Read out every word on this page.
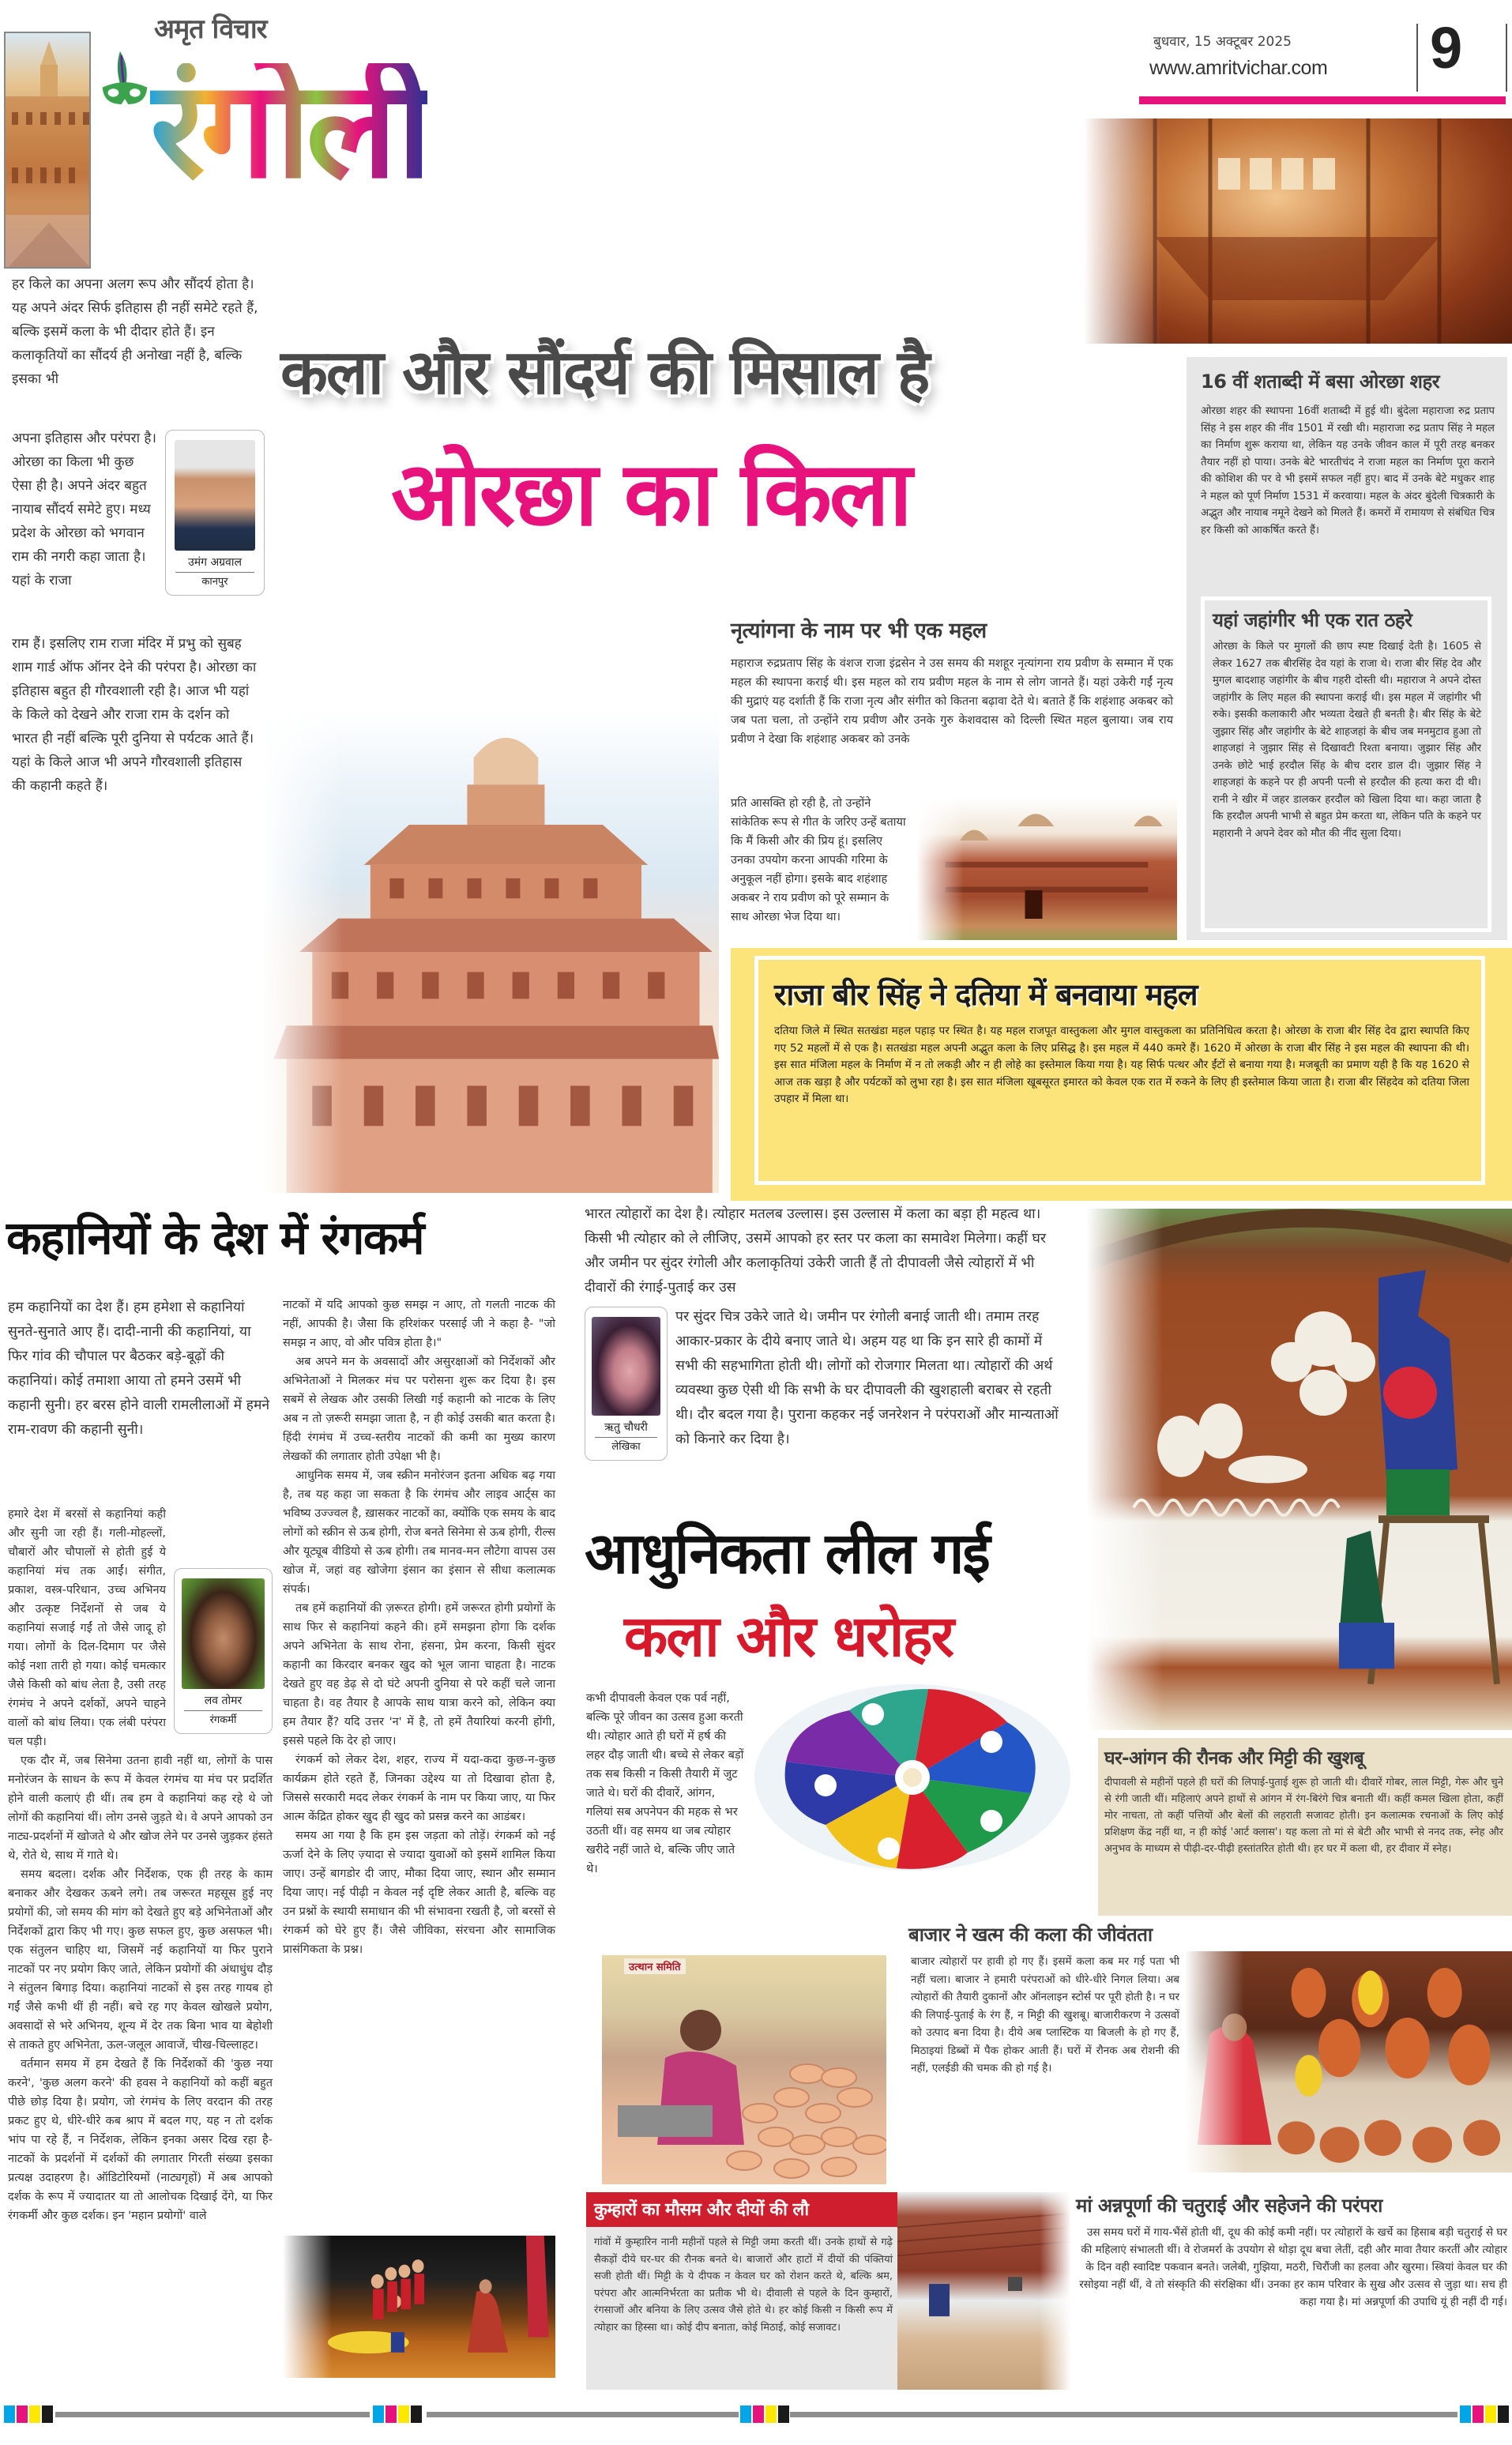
अमृत विचार
रंगोली
बुधवार, 15 अक्टूबर 2025
www.amritvichar.com 9
हर किले का अपना अलग रूप और सौंदर्य होता है। यह अपने अंदर सिर्फ इतिहास ही नहीं समेटे रहते हैं, बल्कि इसमें कला के भी दीदार होते हैं। इन कलाकृतियों का सौंदर्य ही अनोखा नहीं है, बल्कि इसका भी
उमंग अग्रवाल
कानपुर
अपना इतिहास और परंपरा है। ओरछा का किला भी कुछ ऐसा ही है। अपने अंदर बहुत नायाब सौंदर्य समेटे हुए। मध्य प्रदेश के ओरछा को भगवान राम की नगरी कहा जाता है। यहां के राजा
राम हैं। इसलिए राम राजा मंदिर में प्रभु को सुबह शाम गार्ड ऑफ ऑनर देने की परंपरा है। ओरछा का इतिहास बहुत ही गौरवशाली रही है। आज भी यहां के किले को देखने और राजा राम के दर्शन को भारत ही नहीं बल्कि पूरी दुनिया से पर्यटक आते हैं। यहां के किले आज भी अपने गौरवशाली इतिहास की कहानी कहते हैं।
कला और सौंदर्य की मिसाल है
ओरछा का किला
नृत्यांगना के नाम पर भी एक महल
महाराज रुद्रप्रताप सिंह के वंशज राजा इंद्रसेन ने उस समय की मशहूर नृत्यांगना राय प्रवीण के सम्मान में एक महल की स्थापना कराई थी। इस महल को राय प्रवीण महल के नाम से लोग जानते हैं। यहां उकेरी गईं नृत्य की मुद्राएं यह दर्शाती हैं कि राजा नृत्य और संगीत को कितना बढ़ावा देते थे। बताते हैं कि शहंशाह अकबर को जब पता चला, तो उन्होंने राय प्रवीण और उनके गुरु केशवदास को दिल्ली स्थित महल बुलाया। जब राय प्रवीण ने देखा कि शहंशाह अकबर को उनके
प्रति आसक्ति हो रही है, तो उन्होंने सांकेतिक रूप से गीत के जरिए उन्हें बताया कि मैं किसी और की प्रिय हूं। इसलिए उनका उपयोग करना आपकी गरिमा के अनुकूल नहीं होगा। इसके बाद शहंशाह अकबर ने राय प्रवीण को पूरे सम्मान के साथ ओरछा भेज दिया था।
16 वीं शताब्दी में बसा ओरछा शहर
ओरछा शहर की स्थापना 16वीं शताब्दी में हुई थी। बुंदेला महाराजा रुद्र प्रताप सिंह ने इस शहर की नींव 1501 में रखी थी। महाराजा रुद्र प्रताप सिंह ने महल का निर्माण शुरू कराया था, लेकिन यह उनके जीवन काल में पूरी तरह बनकर तैयार नहीं हो पाया। उनके बेटे भारतीचंद ने राजा महल का निर्माण पूरा कराने की कोशिश की पर वे भी इसमें सफल नहीं हुए। बाद में उनके बेटे मधुकर शाह ने महल को पूर्ण निर्माण 1531 में करवाया। महल के अंदर बुंदेली चित्रकारी के अद्भुत और नायाब नमूने देखने को मिलते हैं। कमरों में रामायण से संबंधित चित्र हर किसी को आकर्षित करते हैं।
यहां जहांगीर भी एक रात ठहरे
ओरछा के किले पर मुगलों की छाप स्पष्ट दिखाई देती है। 1605 से लेकर 1627 तक बीरसिंह देव यहां के राजा थे। राजा बीर सिंह देव और मुगल बादशाह जहांगीर के बीच गहरी दोस्ती थी। महाराज ने अपने दोस्त जहांगीर के लिए महल की स्थापना कराई थी। इस महल में जहांगीर भी रुके। इसकी कलाकारी और भव्यता देखते ही बनती है। बीर सिंह के बेटे जुझार सिंह और जहांगीर के बेटे शाहजहां के बीच जब मनमुटाव हुआ तो शाहजहां ने जुझार सिंह से दिखावटी रिश्ता बनाया। जुझार सिंह और उनके छोटे भाई हरदौल सिंह के बीच दरार डाल दी। जुझार सिंह ने शाहजहां के कहने पर ही अपनी पत्नी से हरदौल की हत्या करा दी थी। रानी ने खीर में जहर डालकर हरदौल को खिला दिया था। कहा जाता है कि हरदौल अपनी भाभी से बहुत प्रेम करता था, लेकिन पति के कहने पर महारानी ने अपने देवर को मौत की नींद सुला दिया।
राजा बीर सिंह ने दतिया में बनवाया महल
दतिया जिले में स्थित सतखंडा महल पहाड़ पर स्थित है। यह महल राजपूत वास्तुकला और मुगल वास्तुकला का प्रतिनिधित्व करता है। ओरछा के राजा बीर सिंह देव द्वारा स्थापति किए गए 52 महलों में से एक है। सतखंडा महल अपनी अद्भुत कला के लिए प्रसिद्ध है। इस महल में 440 कमरे हैं। 1620 में ओरछा के राजा बीर सिंह ने इस महल की स्थापना की थी। इस सात मंजिला महल के निर्माण में न तो लकड़ी और न ही लोहे का इस्तेमाल किया गया है। यह सिर्फ पत्थर और ईंटों से बनाया गया है। मजबूती का प्रमाण यही है कि यह 1620 से आज तक खड़ा है और पर्यटकों को लुभा रहा है। इस सात मंजिला खूबसूरत इमारत को केवल एक रात में रुकने के लिए ही इस्तेमाल किया जाता है। राजा बीर सिंहदेव को दतिया जिला उपहार में मिला था।
कहानियों के देश में रंगकर्म
हम कहानियों का देश हैं। हम हमेशा से कहानियां सुनते-सुनाते आए हैं। दादी-नानी की कहानियां, या फिर गांव की चौपाल पर बैठकर बड़े-बूढ़ों की कहानियां। कोई तमाशा आया तो हमने उसमें भी कहानी सुनी। हर बरस होने वाली रामलीलाओं में हमने राम-रावण की कहानी सुनी।
लव तोमर
रंगकर्मी
हमारे देश में बरसों से कहानियां कही और सुनी जा रही हैं। गली-मोहल्लों, चौबारों और चौपालों से होती हुई ये कहानियां मंच तक आईं। संगीत, प्रकाश, वस्त्र-परिधान, उच्च अभिनय और उत्कृष्ट निर्देशनों से जब ये कहानियां सजाई गईं तो जैसे जादू हो गया। लोगों के दिल-दिमाग पर जैसे कोई नशा तारी हो गया। कोई चमत्कार जैसे किसी को बांध लेता है, उसी तरह रंगमंच ने अपने दर्शकों, अपने चाहने वालों को बांध लिया। एक लंबी परंपरा चल पड़ी।
एक दौर में, जब सिनेमा उतना हावी नहीं था, लोगों के पास मनोरंजन के साधन के रूप में केवल रंगमंच या मंच पर प्रदर्शित होने वाली कलाएं ही थीं। तब हम वे कहानियां कह रहे थे जो लोगों की कहानियां थीं। लोग उनसे जुड़ते थे। वे अपने आपको उन नाट्य-प्रदर्शनों में खोजते थे और खोज लेने पर उनसे जुड़कर हंसते थे, रोते थे, साथ में गाते थे।
समय बदला। दर्शक और निर्देशक, एक ही तरह के काम बनाकर और देखकर ऊबने लगे। तब जरूरत महसूस हुई नए प्रयोगों की, जो समय की मांग को देखते हुए बड़े अभिनेताओं और निर्देशकों द्वारा किए भी गए। कुछ सफल हुए, कुछ असफल भी। एक संतुलन चाहिए था, जिसमें नई कहानियों या फिर पुराने नाटकों पर नए प्रयोग किए जाते, लेकिन प्रयोगों की अंधाधुंध दौड़ ने संतुलन बिगाड़ दिया। कहानियां नाटकों से इस तरह गायब हो गईं जैसे कभी थीं ही नहीं। बचे रह गए केवल खोखले प्रयोग, अवसादों से भरे अभिनय, शून्य में देर तक बिना भाव या बेहोशी से ताकते हुए अभिनेता, ऊल-जलूल आवाजें, चीख-चिल्लाहट।
वर्तमान समय में हम देखते हैं कि निर्देशकों की 'कुछ नया करने', 'कुछ अलग करने' की हवस ने कहानियों को कहीं बहुत पीछे छोड़ दिया है। प्रयोग, जो रंगमंच के लिए वरदान की तरह प्रकट हुए थे, धीरे-धीरे कब श्राप में बदल गए, यह न तो दर्शक भांप पा रहे हैं, न निर्देशक, लेकिन इनका असर दिख रहा है-नाटकों के प्रदर्शनों में दर्शकों की लगातार गिरती संख्या इसका प्रत्यक्ष उदाहरण है। ऑडिटोरियमों (नाट्यगृहों) में अब आपको दर्शक के रूप में ज्यादातर या तो आलोचक दिखाई देंगे, या फिर रंगकर्मी और कुछ दर्शक। इन 'महान प्रयोगों' वाले
नाटकों में यदि आपको कुछ समझ न आए, तो गलती नाटक की नहीं, आपकी है। जैसा कि हरिशंकर परसाई जी ने कहा है- "जो समझ न आए, वो और पवित्र होता है।"
अब अपने मन के अवसादों और असुरक्षाओं को निर्देशकों और अभिनेताओं ने मिलकर मंच पर परोसना शुरू कर दिया है। इस सबमें से लेखक और उसकी लिखी गई कहानी को नाटक के लिए अब न तो ज़रूरी समझा जाता है, न ही कोई उसकी बात करता है। हिंदी रंगमंच में उच्च-स्तरीय नाटकों की कमी का मुख्य कारण लेखकों की लगातार होती उपेक्षा भी है।
आधुनिक समय में, जब स्क्रीन मनोरंजन इतना अधिक बढ़ गया है, तब यह कहा जा सकता है कि रंगमंच और लाइव आर्ट्स का भविष्य उज्ज्वल है, ख़ासकर नाटकों का, क्योंकि एक समय के बाद लोगों को स्क्रीन से ऊब होगी, रोज बनते सिनेमा से ऊब होगी, रील्स और यूट्यूब वीडियो से ऊब होगी। तब मानव-मन लौटेगा वापस उस खोज में, जहां वह खोजेगा इंसान का इंसान से सीधा कलात्मक संपर्क।
तब हमें कहानियों की ज़रूरत होगी। हमें जरूरत होगी प्रयोगों के साथ फिर से कहानियां कहने की। हमें समझना होगा कि दर्शक अपने अभिनेता के साथ रोना, हंसना, प्रेम करना, किसी सुंदर कहानी का किरदार बनकर खुद को भूल जाना चाहता है। नाटक देखते हुए वह डेढ़ से दो घंटे अपनी दुनिया से परे कहीं चले जाना चाहता है। वह तैयार है आपके साथ यात्रा करने को, लेकिन क्या हम तैयार हैं? यदि उत्तर 'न' में है, तो हमें तैयारियां करनी होंगी, इससे पहले कि देर हो जाए।
रंगकर्म को लेकर देश, शहर, राज्य में यदा-कदा कुछ-न-कुछ कार्यक्रम होते रहते हैं, जिनका उद्देश्य या तो दिखावा होता है, जिससे सरकारी मदद लेकर रंगकर्म के नाम पर किया जाए, या फिर आत्म केंद्रित होकर खुद ही खुद को प्रसन्न करने का आडंबर।
समय आ गया है कि हम इस जड़ता को तोड़ें। रंगकर्म को नई ऊर्जा देने के लिए ज़्यादा से ज्यादा युवाओं को इसमें शामिल किया जाए। उन्हें बागडोर दी जाए, मौका दिया जाए, स्थान और सम्मान दिया जाए। नई पीढ़ी न केवल नई दृष्टि लेकर आती है, बल्कि वह उन प्रश्नों के स्थायी समाधान की भी संभावना रखती है, जो बरसों से रंगकर्म को घेरे हुए हैं। जैसे जीविका, संरचना और सामाजिक प्रासंगिकता के प्रश्न।
भारत त्योहारों का देश है। त्योहार मतलब उल्लास। इस उल्लास में कला का बड़ा ही महत्व था। किसी भी त्योहार को ले लीजिए, उसमें आपको हर स्तर पर कला का समावेश मिलेगा। कहीं घर और जमीन पर सुंदर रंगोली और कलाकृतियां उकेरी जाती हैं तो दीपावली जैसे त्योहारों में भी दीवारों की रंगाई-पुताई कर उस
ऋतु चौधरी
लेखिका
पर सुंदर चित्र उकेरे जाते थे। जमीन पर रंगोली बनाई जाती थी। तमाम तरह आकार-प्रकार के दीये बनाए जाते थे। अहम यह था कि इन सारे ही कामों में सभी की सहभागिता होती थी। लोगों को रोजगार मिलता था। त्योहारों की अर्थ व्यवस्था कुछ ऐसी थी कि सभी के घर दीपावली की खुशहाली बराबर से रहती थी। दौर बदल गया है। पुराना कहकर नई जनरेशन ने परंपराओं और मान्यताओं को किनारे कर दिया है।
आधुनिकता लील गई
कला और धरोहर
कभी दीपावली केवल एक पर्व नहीं, बल्कि पूरे जीवन का उत्सव हुआ करती थी। त्योहार आते ही घरों में हर्ष की लहर दौड़ जाती थी। बच्चे से लेकर बड़ों तक सब किसी न किसी तैयारी में जुट जाते थे। घरों की दीवारें, आंगन, गलियां सब अपनेपन की महक से भर उठती थीं। वह समय था जब त्योहार खरीदे नहीं जाते थे, बल्कि जीए जाते थे।
घर-आंगन की रौनक और मिट्टी की खुशबू
दीपावली से महीनों पहले ही घरों की लिपाई-पुताई शुरू हो जाती थी। दीवारें गोबर, लाल मिट्टी, गेरू और चुने से रंगी जाती थीं। महिलाएं अपने हाथों से आंगन में रंग-बिरंगे चित्र बनाती थीं। कहीं कमल खिला होता, कहीं मोर नाचता, तो कहीं पत्तियों और बेलों की लहराती सजावट होती। इन कलात्मक रचनाओं के लिए कोई प्रशिक्षण केंद्र नहीं था, न ही कोई 'आर्ट क्लास'। यह कला तो मां से बेटी और भाभी से ननद तक, स्नेह और अनुभव के माध्यम से पीढ़ी-दर-पीढ़ी हस्तांतरित होती थी। हर घर में कला थी, हर दीवार में स्नेह।
बाजार ने खत्म की कला की जीवंतता
बाजार त्योहारों पर हावी हो गए हैं। इसमें कला कब मर गई पता भी नहीं चला। बाजार ने हमारी परंपराओं को धीरे-धीरे निगल लिया। अब त्योहारों की तैयारी दुकानों और ऑनलाइन स्टोर्स पर पूरी होती है। न घर की लिपाई-पुताई के रंग हैं, न मिट्टी की खुशबू। बाजारीकरण ने उत्सवों को उत्पाद बना दिया है। दीये अब प्लास्टिक या बिजली के हो गए हैं, मिठाइयां डिब्बों में पैक होकर आती हैं। घरों में रौनक अब रोशनी की नहीं, एलईडी की चमक की हो गई है।
उत्थान समिति
कुम्हारों का मौसम और दीयों की लौ
गांवों में कुम्हारिन नानी महीनों पहले से मिट्टी जमा करती थीं। उनके हाथों से गढ़े सैकड़ों दीये घर-घर की रौनक बनते थे। बाजारों और हाटों में दीयों की पंक्तियां सजी होती थीं। मिट्टी के ये दीपक न केवल घर को रोशन करते थे, बल्कि श्रम, परंपरा और आत्मनिर्भरता का प्रतीक भी थे। दीवाली से पहले के दिन कुम्हारों, रंगसाजों और बनिया के लिए उत्सव जैसे होते थे। हर कोई किसी न किसी रूप में त्योहार का हिस्सा था। कोई दीप बनाता, कोई मिठाई, कोई सजावट।
मां अन्नपूर्णा की चतुराई और सहेजने की परंपरा
उस समय घरों में गाय-भैंसें होती थीं, दूध की कोई कमी नहीं। पर त्योहारों के खर्चे का हिसाब बड़ी चतुराई से घर की महिलाएं संभालती थीं। वे रोजमर्रा के उपयोग से थोड़ा दूध बचा लेतीं, दही और मावा तैयार करतीं और त्योहार के दिन वही स्वादिष्ट पकवान बनते। जलेबी, गुझिया, मठरी, चिरौंजी का हलवा और खुरमा। स्त्रियां केवल घर की रसोइया नहीं थीं, वे तो संस्कृति की संरक्षिका थीं। उनका हर काम परिवार के सुख और उत्सव से जुड़ा था। सच ही कहा गया है। मां अन्नपूर्णा की उपाधि यूं ही नहीं दी गई।
